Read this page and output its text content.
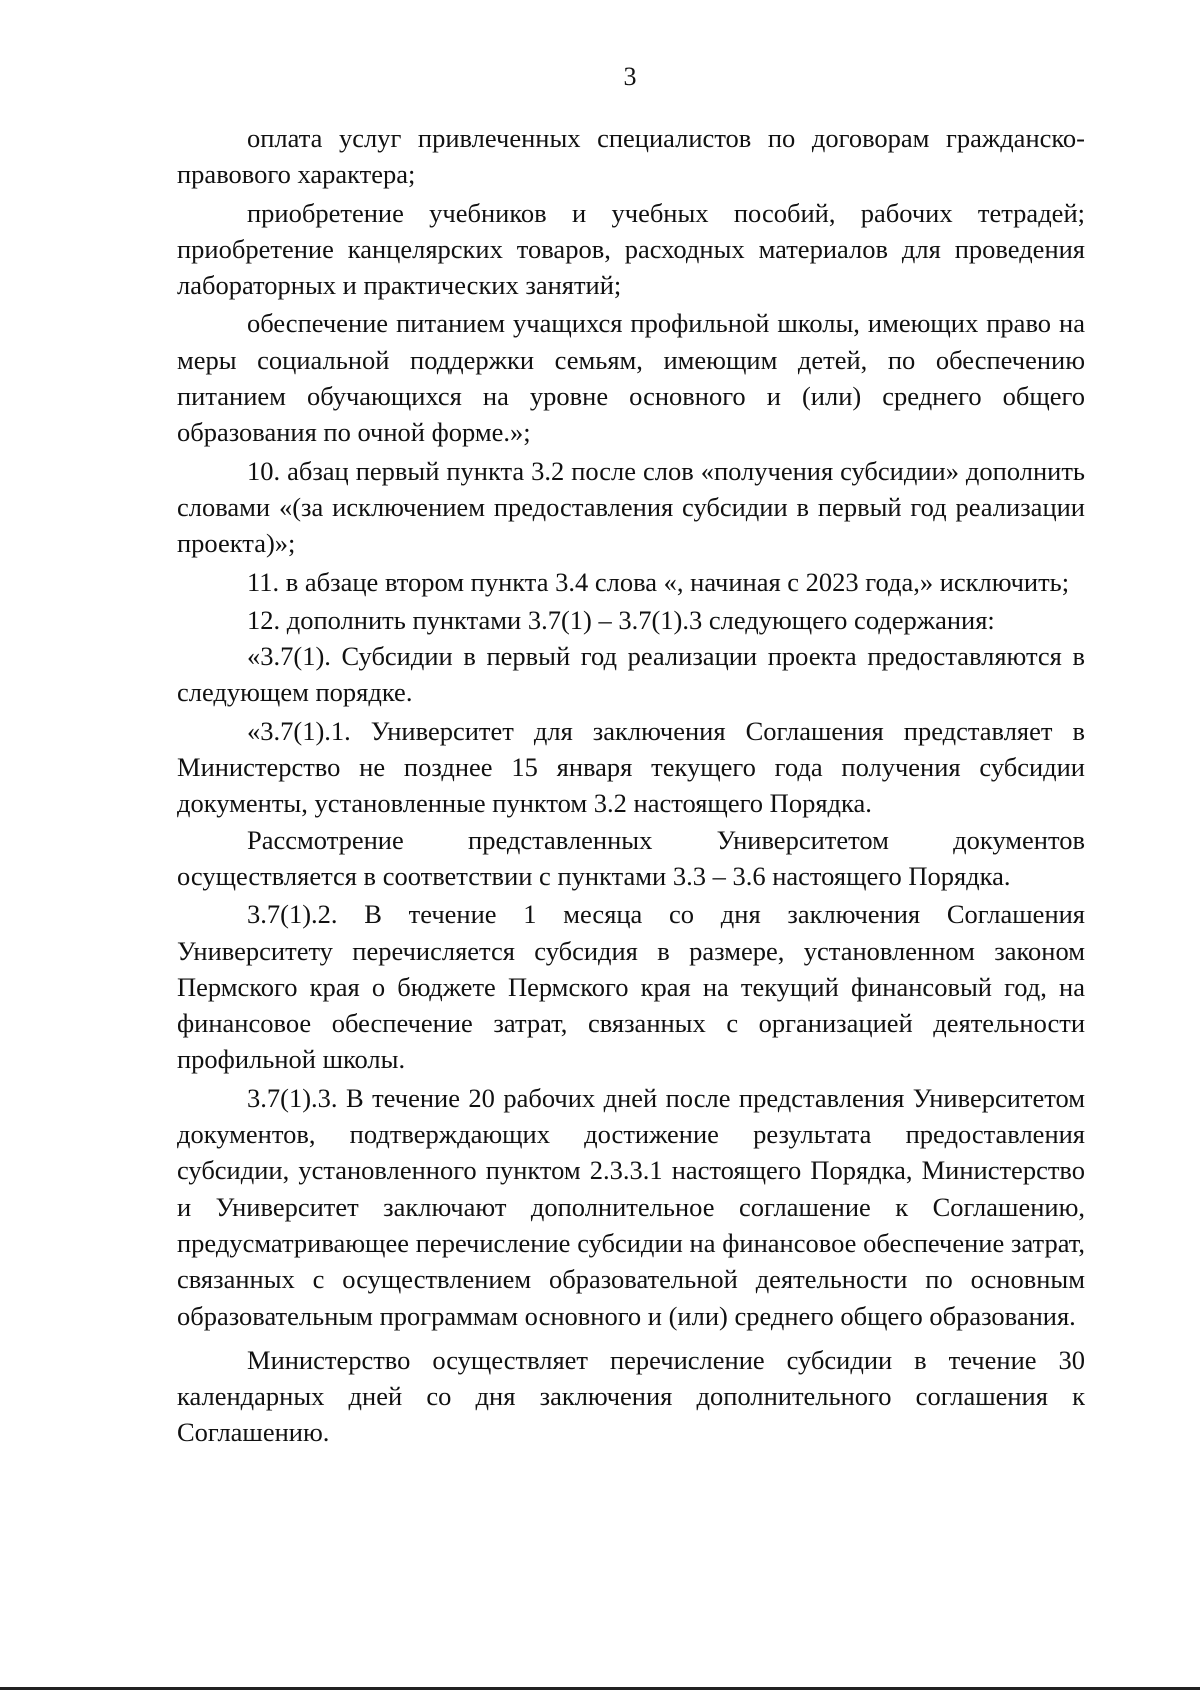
3

оплата услуг привлеченных специалистов по договорам гражданско-правового характера;

приобретение учебников и учебных пособий, рабочих тетрадей; приобретение канцелярских товаров, расходных материалов для проведения лабораторных и практических занятий;

обеспечение питанием учащихся профильной школы, имеющих право на меры социальной поддержки семьям, имеющим детей, по обеспечению питанием обучающихся на уровне основного и (или) среднего общего образования по очной форме.»;

10. абзац первый пункта 3.2 после слов «получения субсидии» дополнить словами «(за исключением предоставления субсидии в первый год реализации проекта)»;

11. в абзаце втором пункта 3.4 слова «, начиная с 2023 года,» исключить;

12. дополнить пунктами 3.7(1) – 3.7(1).3 следующего содержания:

«3.7(1). Субсидии в первый год реализации проекта предоставляются в следующем порядке.

«3.7(1).1. Университет для заключения Соглашения представляет в Министерство не позднее 15 января текущего года получения субсидии документы, установленные пунктом 3.2 настоящего Порядка.

Рассмотрение представленных Университетом документов осуществляется в соответствии с пунктами 3.3 – 3.6 настоящего Порядка.

3.7(1).2. В течение 1 месяца со дня заключения Соглашения Университету перечисляется субсидия в размере, установленном законом Пермского края о бюджете Пермского края на текущий финансовый год, на финансовое обеспечение затрат, связанных с организацией деятельности профильной школы.

3.7(1).3. В течение 20 рабочих дней после представления Университетом документов, подтверждающих достижение результата предоставления субсидии, установленного пунктом 2.3.3.1 настоящего Порядка, Министерство и Университет заключают дополнительное соглашение к Соглашению, предусматривающее перечисление субсидии на финансовое обеспечение затрат, связанных с осуществлением образовательной деятельности по основным образовательным программам основного и (или) среднего общего образования.

Министерство осуществляет перечисление субсидии в течение 30 календарных дней со дня заключения дополнительного соглашения к Соглашению.
